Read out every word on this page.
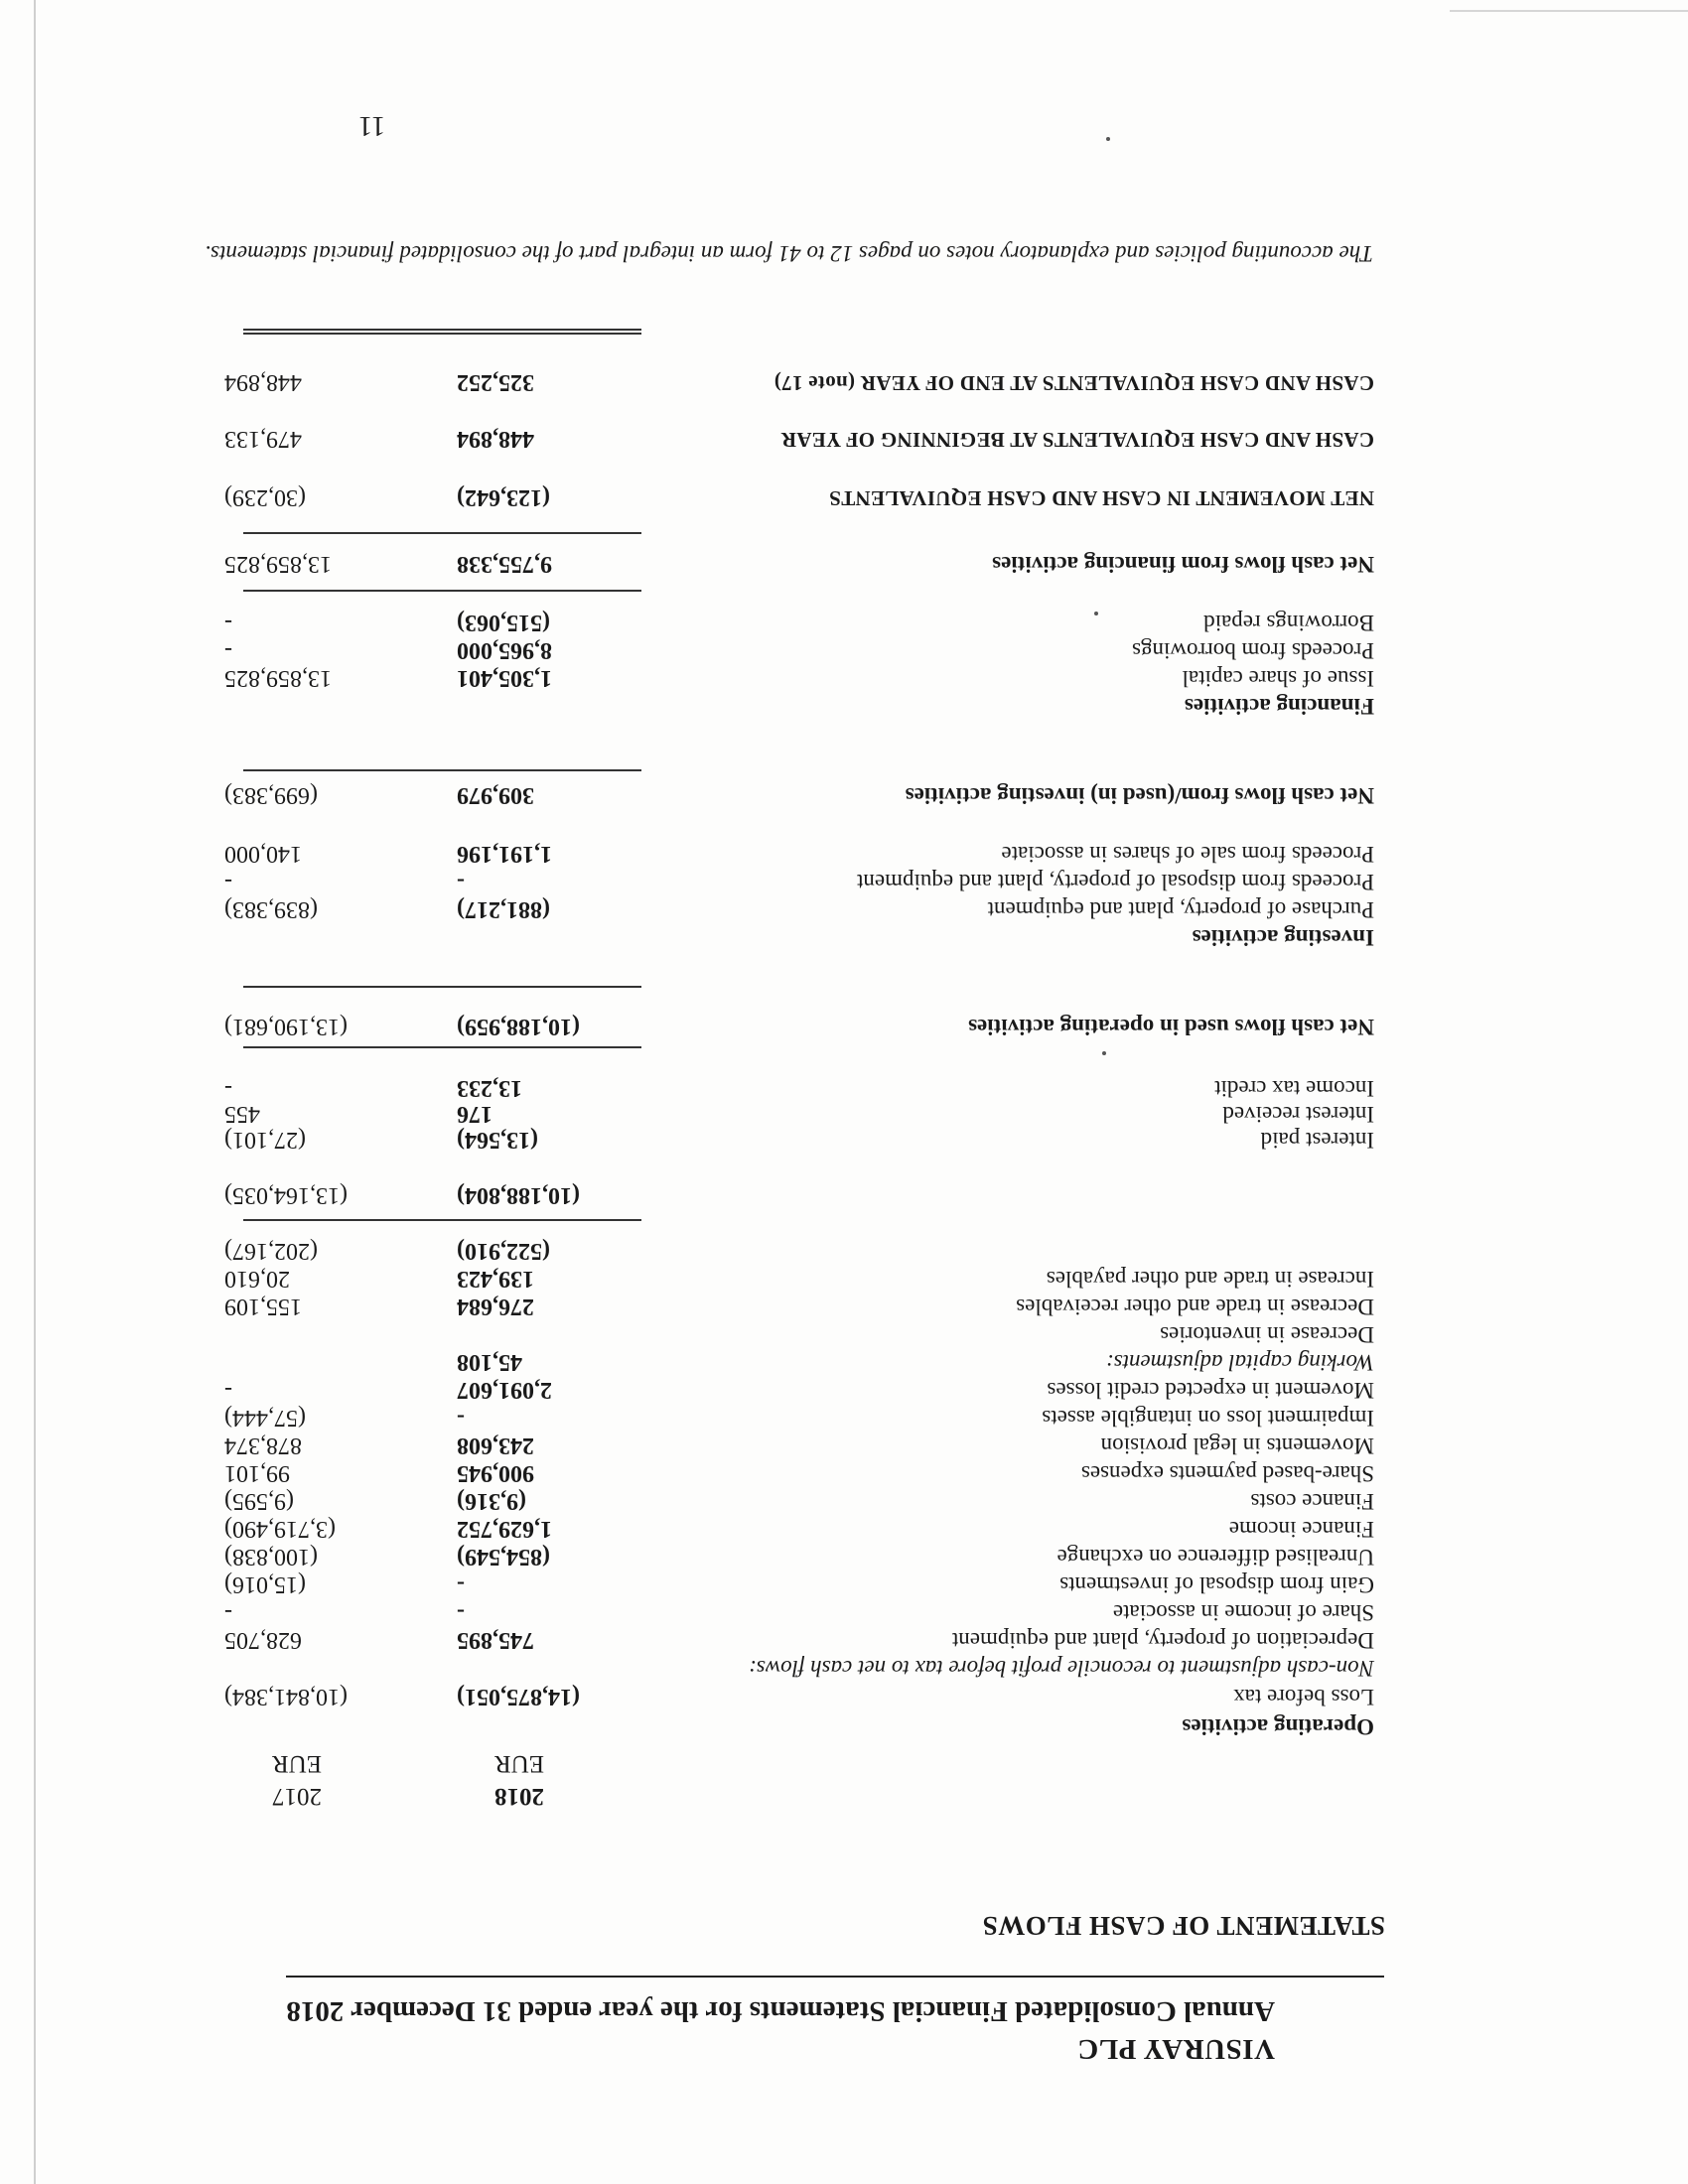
VISURAY PLC
Annual Consolidated Financial Statements for the year ended 31 December 2018
STATEMENT OF CASH FLOWS
2018
2017
EUR
EUR
Operating activities
Loss before tax
(14,875,051)
(10,841,384)
Non-cash adjustment to reconcile profit before tax to net cash flows:
Depreciation of property, plant and equipment
745,895
628,705
Share of income in associate
-
-
Gain from disposal of investments
-
(15,016)
Unrealised difference on exchange
(854,549)
(100,838)
Finance income
1,629,752
(3,719,490)
Finance costs
(9,316)
(9,595)
Share-based payments expenses
900,945
99,101
Movements in legal provision
243,608
878,374
Impairment loss on intangible assets
-
(57,444)
Movement in expected credit losses
2,091,607
-
Working capital adjustments:
45,108
Decrease in inventories
Decrease in trade and other receivables
276,684
155,109
Increase in trade and other payables
139,423
20,610
(522,910)
(202,167)
(10,188,804)
(13,164,035)
Interest paid
(13,564)
(27,101)
Interest received
176
455
Income tax credit
13,233
-
Net cash flows used in operating activities
(10,188,959)
(13,190,681)
Investing activities
Purchase of property, plant and equipment
(881,217)
(839,383)
Proceeds from disposal of property, plant and equipment
-
-
Proceeds from sale of shares in associate
1,191,196
140,000
Net cash flows from/(used in) investing activities
309,979
(699,383)
Financing activities
Issue of share capital
1,305,401
13,859,825
Proceeds from borrowings
8,965,000
-
Borrowings repaid
(515,063)
-
Net cash flows from financing activities
9,755,338
13,859,825
NET MOVEMENT IN CASH AND CASH EQUIVALENTS
(123,642)
(30,239)
CASH AND CASH EQUIVALENTS AT BEGINNING OF YEAR
448,894
479,133
CASH AND CASH EQUIVALENTS AT END OF YEAR (note 17)
325,252
448,894
The accounting policies and explanatory notes on pages 12 to 41 form an integral part of the consolidated financial statements.
11
